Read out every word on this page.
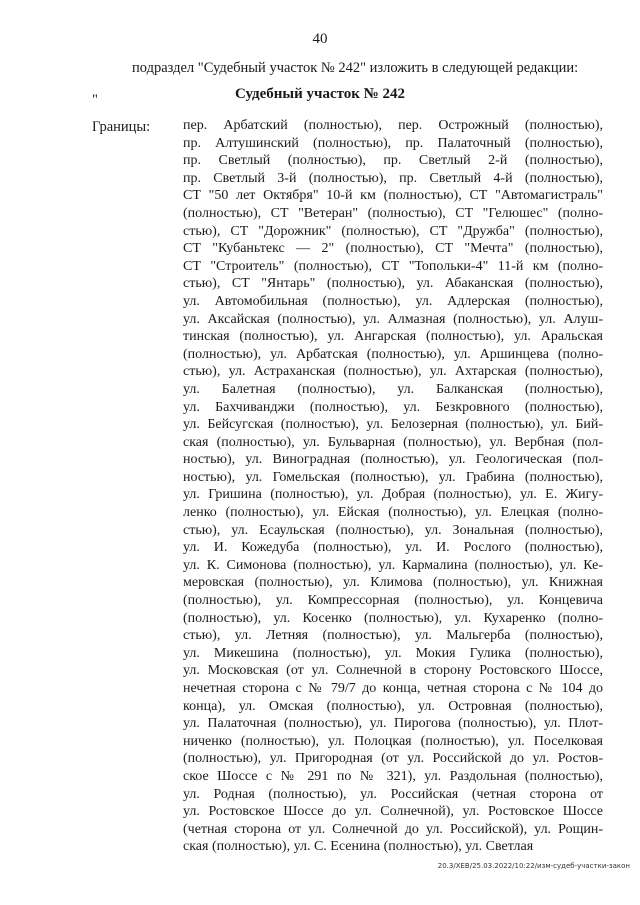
40
подраздел "Судебный участок № 242" изложить в следующей редакции:
"	Судебный участок № 242
Границы: пер. Арбатский (полностью), пер. Острожный (полностью),
пр. Алтушинский (полностью), пр. Палаточный (полностью),
пр. Светлый (полностью), пр. Светлый 2-й (полностью),
пр. Светлый 3-й (полностью), пр. Светлый 4-й (полностью),
СТ "50 лет Октября" 10-й км (полностью), СТ "Автомагистраль"
(полностью), СТ "Ветеран" (полностью), СТ "Гелюшес" (полно-
стью), СТ "Дорожник" (полностью), СТ "Дружба" (полностью),
СТ "Кубаньтекс — 2" (полностью), СТ "Мечта" (полностью),
СТ "Строитель" (полностью), СТ "Топольки-4" 11-й км (полно-
стью), СТ "Янтарь" (полностью), ул. Абаканская (полностью),
ул. Автомобильная (полностью), ул. Адлерская (полностью),
ул. Аксайская (полностью), ул. Алмазная (полностью), ул. Алуш-
тинская (полностью), ул. Ангарская (полностью), ул. Аральская
(полностью), ул. Арбатская (полностью), ул. Аршинцева (полно-
стью), ул. Астраханская (полностью), ул. Ахтарская (полностью),
ул. Балетная (полностью), ул. Балканская (полностью),
ул. Бахчиванджи (полностью), ул. Безкровного (полностью),
ул. Бейсугская (полностью), ул. Белозерная (полностью), ул. Бий-
ская (полностью), ул. Бульварная (полностью), ул. Вербная (пол-
ностью), ул. Виноградная (полностью), ул. Геологическая (пол-
ностью), ул. Гомельская (полностью), ул. Грабина (полностью),
ул. Гришина (полностью), ул. Добрая (полностью), ул. Е. Жигу-
ленко (полностью), ул. Ейская (полностью), ул. Елецкая (полно-
стью), ул. Есаульская (полностью), ул. Зональная (полностью),
ул. И. Кожедуба (полностью), ул. И. Рослого (полностью),
ул. К. Симонова (полностью), ул. Кармалина (полностью), ул. Ке-
меровская (полностью), ул. Климова (полностью), ул. Книжная
(полностью), ул. Компрессорная (полностью), ул. Концевича
(полностью), ул. Косенко (полностью), ул. Кухаренко (полно-
стью), ул. Летняя (полностью), ул. Мальгерба (полностью),
ул. Микешина (полностью), ул. Мокия Гулика (полностью),
ул. Московская (от ул. Солнечной в сторону Ростовского Шоссе,
нечетная сторона с № 79/7 до конца, четная сторона с № 104 до
конца), ул. Омская (полностью), ул. Островная (полностью),
ул. Палаточная (полностью), ул. Пирогова (полностью), ул. Плот-
ниченко (полностью), ул. Полоцкая (полностью), ул. Поселковая
(полностью), ул. Пригородная (от ул. Российской до ул. Ростов-
ское Шоссе с № 291 по № 321), ул. Раздольная (полностью),
ул. Родная (полностью), ул. Российская (четная сторона от
ул. Ростовское Шоссе до ул. Солнечной), ул. Ростовское Шоссе
(четная сторона от ул. Солнечной до ул. Российской), ул. Рощин-
ская (полностью), ул. С. Есенина (полностью), ул. Светлая
20.3/XEB/25.03.2022/10:22/изм-судеб-участки-закон
